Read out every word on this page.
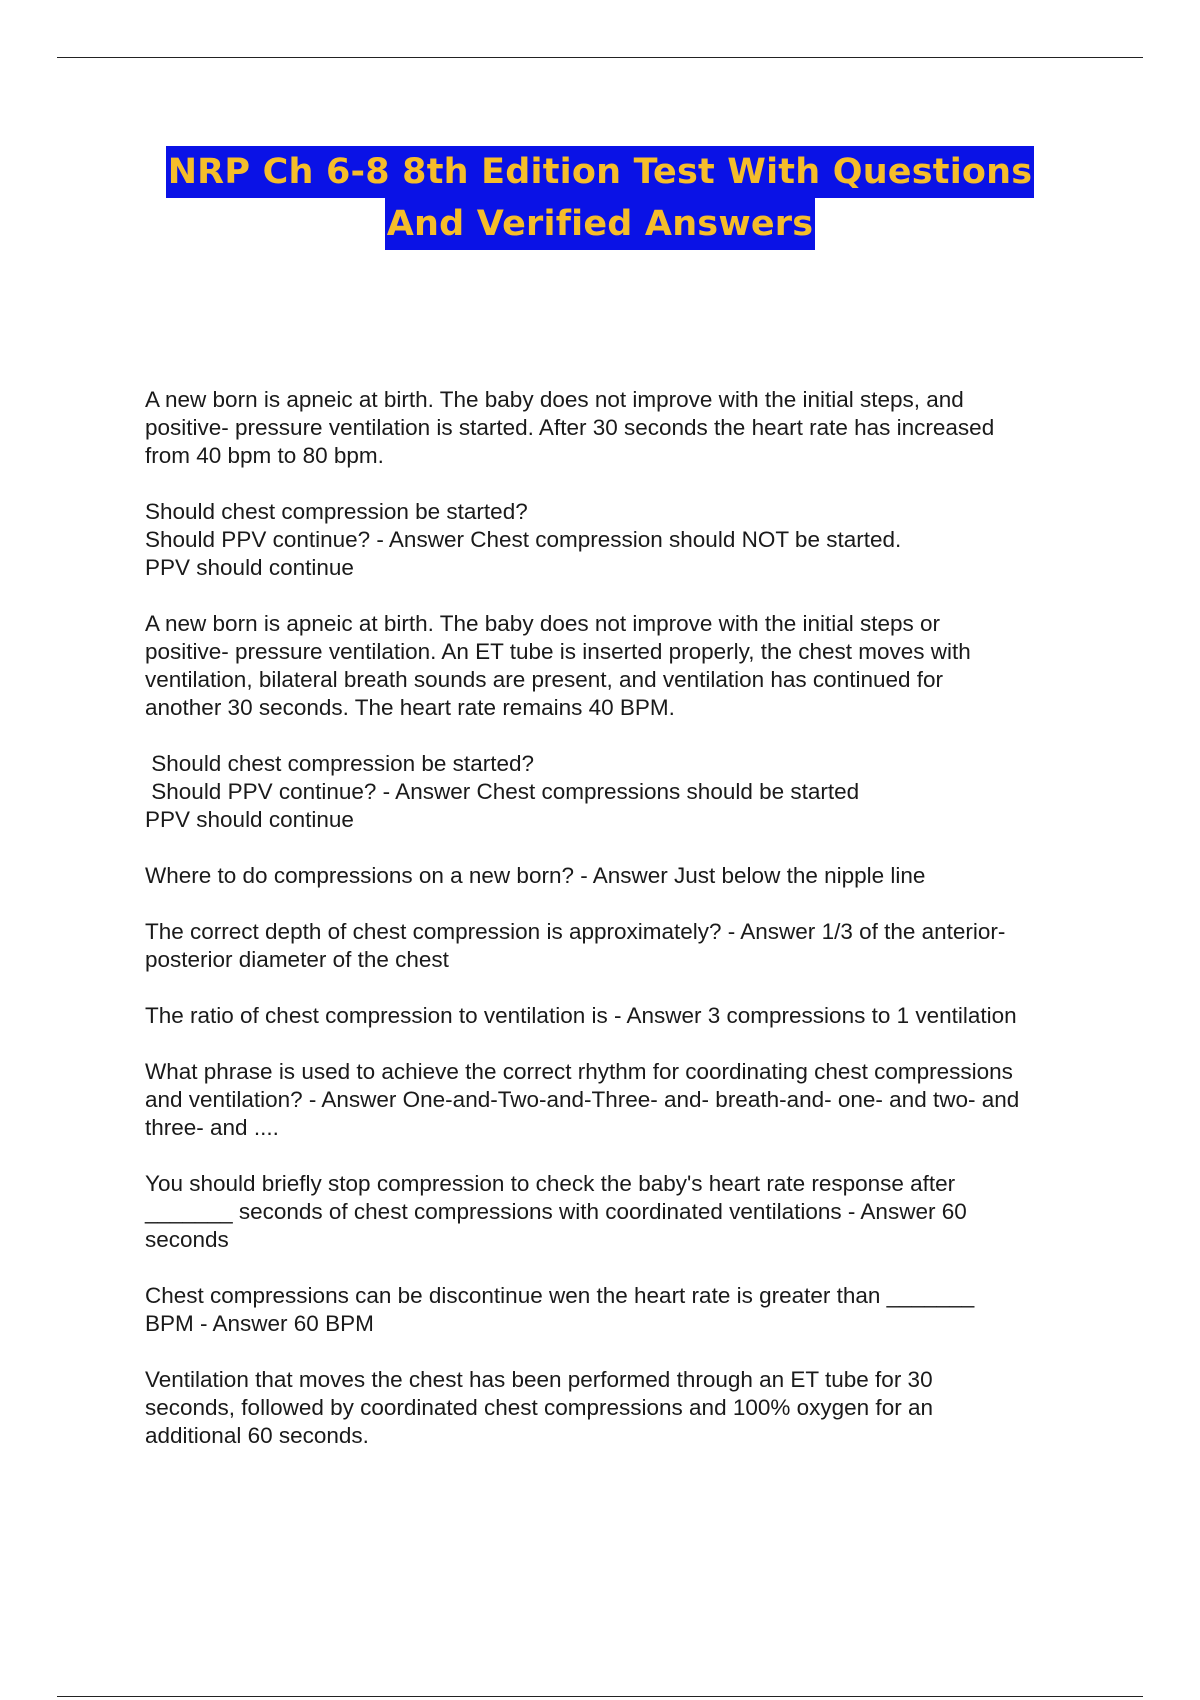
NRP Ch 6-8 8th Edition Test With Questions
And Verified Answers

A new born is apneic at birth. The baby does not improve with the initial steps, and
positive- pressure ventilation is started. After 30 seconds the heart rate has increased
from 40 bpm to 80 bpm.

Should chest compression be started?
Should PPV continue? - Answer Chest compression should NOT be started.
PPV should continue

A new born is apneic at birth. The baby does not improve with the initial steps or
positive- pressure ventilation. An ET tube is inserted properly, the chest moves with
ventilation, bilateral breath sounds are present, and ventilation has continued for
another 30 seconds. The heart rate remains 40 BPM.

Should chest compression be started?
Should PPV continue? - Answer Chest compressions should be started
PPV should continue

Where to do compressions on a new born? - Answer Just below the nipple line

The correct depth of chest compression is approximately? - Answer 1/3 of the anterior-
posterior diameter of the chest

The ratio of chest compression to ventilation is - Answer 3 compressions to 1 ventilation

What phrase is used to achieve the correct rhythm for coordinating chest compressions
and ventilation? - Answer One-and-Two-and-Three- and- breath-and- one- and two- and
three- and ....

You should briefly stop compression to check the baby's heart rate response after
_______ seconds of chest compressions with coordinated ventilations - Answer 60
seconds

Chest compressions can be discontinue wen the heart rate is greater than _______
BPM - Answer 60 BPM

Ventilation that moves the chest has been performed through an ET tube for 30
seconds, followed by coordinated chest compressions and 100% oxygen for an
additional 60 seconds.
